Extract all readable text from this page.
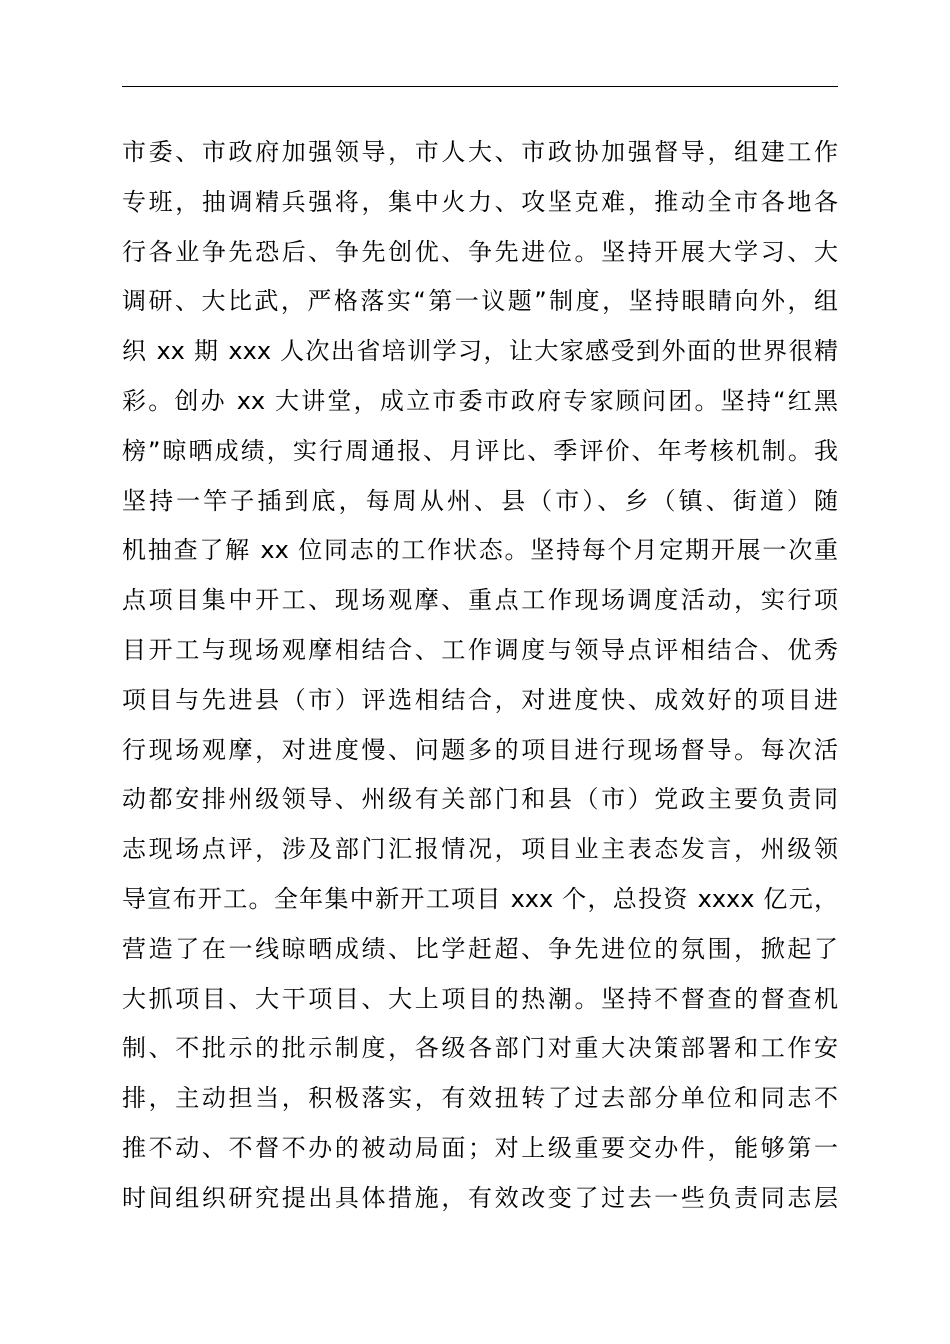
市委、市政府加强领导，市人大、市政协加强督导，组建工作
专班，抽调精兵强将，集中火力、攻坚克难，推动全市各地各
行各业争先恐后、争先创优、争先进位。坚持开展大学习、大
调研、大比武，严格落实“第一议题”制度，坚持眼睛向外，组
织 xx 期 xxx 人次出省培训学习，让大家感受到外面的世界很精
彩。创办 xx 大讲堂，成立市委市政府专家顾问团。坚持“红黑
榜”晾晒成绩，实行周通报、月评比、季评价、年考核机制。我
坚持一竿子插到底，每周从州、县（市）、乡（镇、街道）随
机抽查了解 xx 位同志的工作状态。坚持每个月定期开展一次重
点项目集中开工、现场观摩、重点工作现场调度活动，实行项
目开工与现场观摩相结合、工作调度与领导点评相结合、优秀
项目与先进县（市）评选相结合，对进度快、成效好的项目进
行现场观摩，对进度慢、问题多的项目进行现场督导。每次活
动都安排州级领导、州级有关部门和县（市）党政主要负责同
志现场点评，涉及部门汇报情况，项目业主表态发言，州级领
导宣布开工。全年集中新开工项目 xxx 个，总投资 xxxx 亿元，
营造了在一线晾晒成绩、比学赶超、争先进位的氛围，掀起了
大抓项目、大干项目、大上项目的热潮。坚持不督查的督查机
制、不批示的批示制度，各级各部门对重大决策部署和工作安
排，主动担当，积极落实，有效扭转了过去部分单位和同志不
推不动、不督不办的被动局面；对上级重要交办件，能够第一
时间组织研究提出具体措施，有效改变了过去一些负责同志层
